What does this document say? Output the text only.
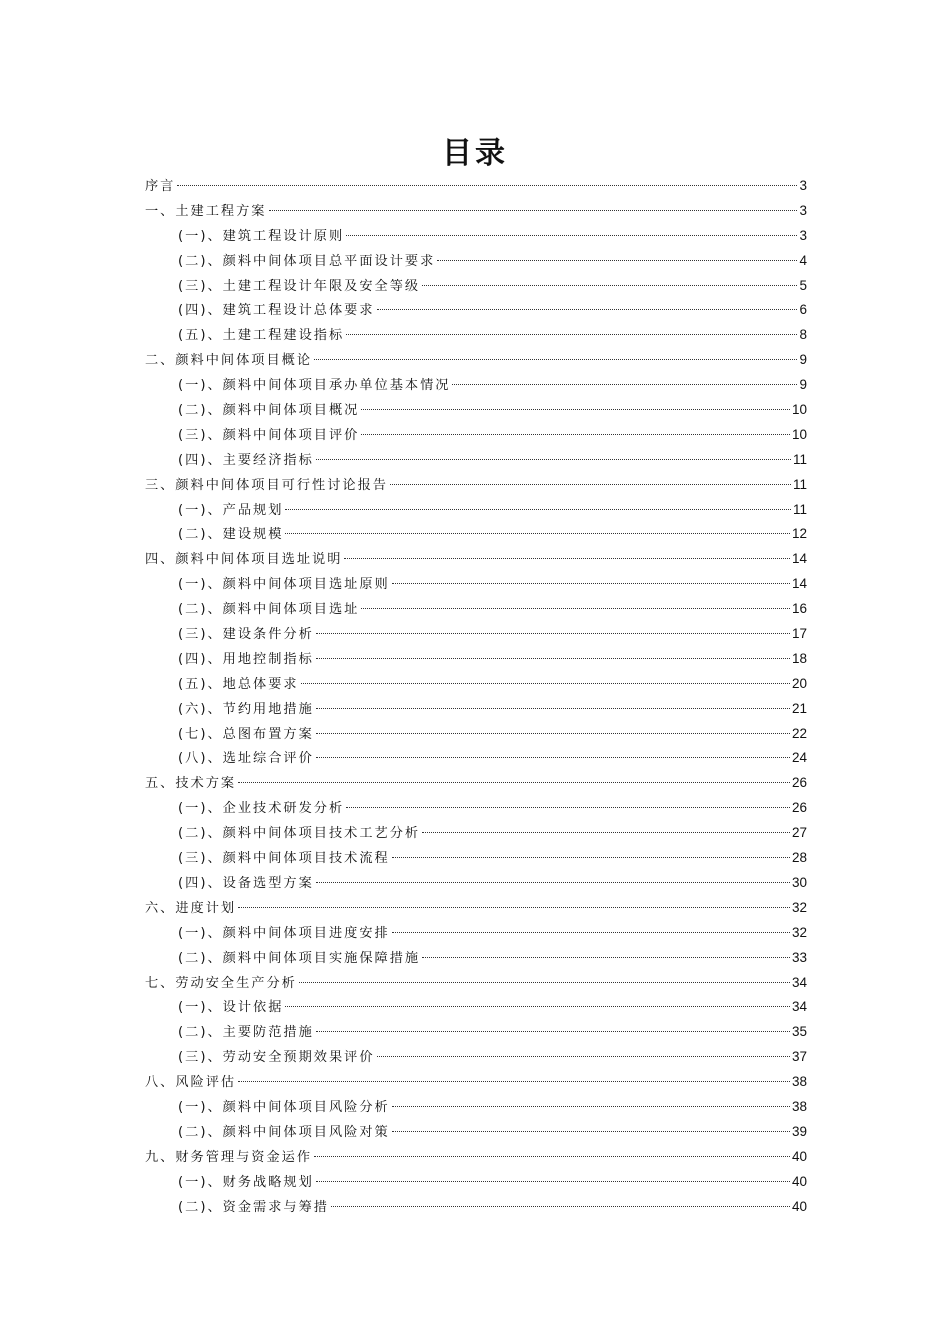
目录
序言	3
一、土建工程方案	3
(一)、建筑工程设计原则	3
(二)、颜料中间体项目总平面设计要求	4
(三)、土建工程设计年限及安全等级	5
(四)、建筑工程设计总体要求	6
(五)、土建工程建设指标	8
二、颜料中间体项目概论	9
(一)、颜料中间体项目承办单位基本情况	9
(二)、颜料中间体项目概况	10
(三)、颜料中间体项目评价	10
(四)、主要经济指标	11
三、颜料中间体项目可行性讨论报告	11
(一)、产品规划	11
(二)、建设规模	12
四、颜料中间体项目选址说明	14
(一)、颜料中间体项目选址原则	14
(二)、颜料中间体项目选址	16
(三)、建设条件分析	17
(四)、用地控制指标	18
(五)、地总体要求	20
(六)、节约用地措施	21
(七)、总图布置方案	22
(八)、选址综合评价	24
五、技术方案	26
(一)、企业技术研发分析	26
(二)、颜料中间体项目技术工艺分析	27
(三)、颜料中间体项目技术流程	28
(四)、设备选型方案	30
六、进度计划	32
(一)、颜料中间体项目进度安排	32
(二)、颜料中间体项目实施保障措施	33
七、劳动安全生产分析	34
(一)、设计依据	34
(二)、主要防范措施	35
(三)、劳动安全预期效果评价	37
八、风险评估	38
(一)、颜料中间体项目风险分析	38
(二)、颜料中间体项目风险对策	39
九、财务管理与资金运作	40
(一)、财务战略规划	40
(二)、资金需求与筹措	40
